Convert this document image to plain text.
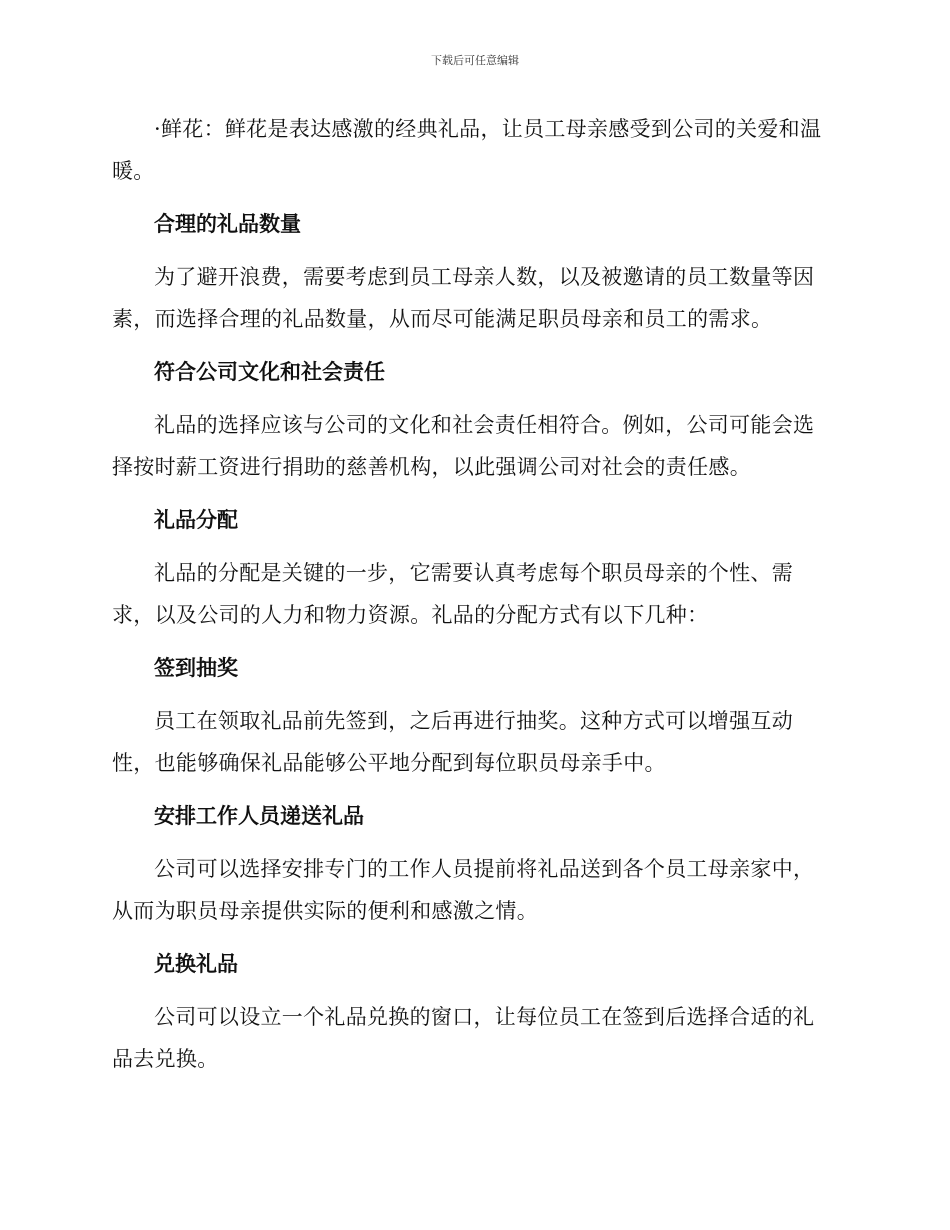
下载后可任意编辑

·鲜花：鲜花是表达感激的经典礼品，让员工母亲感受到公司的关爱和温暖。

合理的礼品数量

为了避开浪费，需要考虑到员工母亲人数，以及被邀请的员工数量等因素，而选择合理的礼品数量，从而尽可能满足职员母亲和员工的需求。

符合公司文化和社会责任

礼品的选择应该与公司的文化和社会责任相符合。例如，公司可能会选择按时薪工资进行捐助的慈善机构，以此强调公司对社会的责任感。

礼品分配

礼品的分配是关键的一步，它需要认真考虑每个职员母亲的个性、需求，以及公司的人力和物力资源。礼品的分配方式有以下几种：

签到抽奖

员工在领取礼品前先签到，之后再进行抽奖。这种方式可以增强互动性，也能够确保礼品能够公平地分配到每位职员母亲手中。

安排工作人员递送礼品

公司可以选择安排专门的工作人员提前将礼品送到各个员工母亲家中，从而为职员母亲提供实际的便利和感激之情。

兑换礼品

公司可以设立一个礼品兑换的窗口，让每位员工在签到后选择合适的礼品去兑换。
